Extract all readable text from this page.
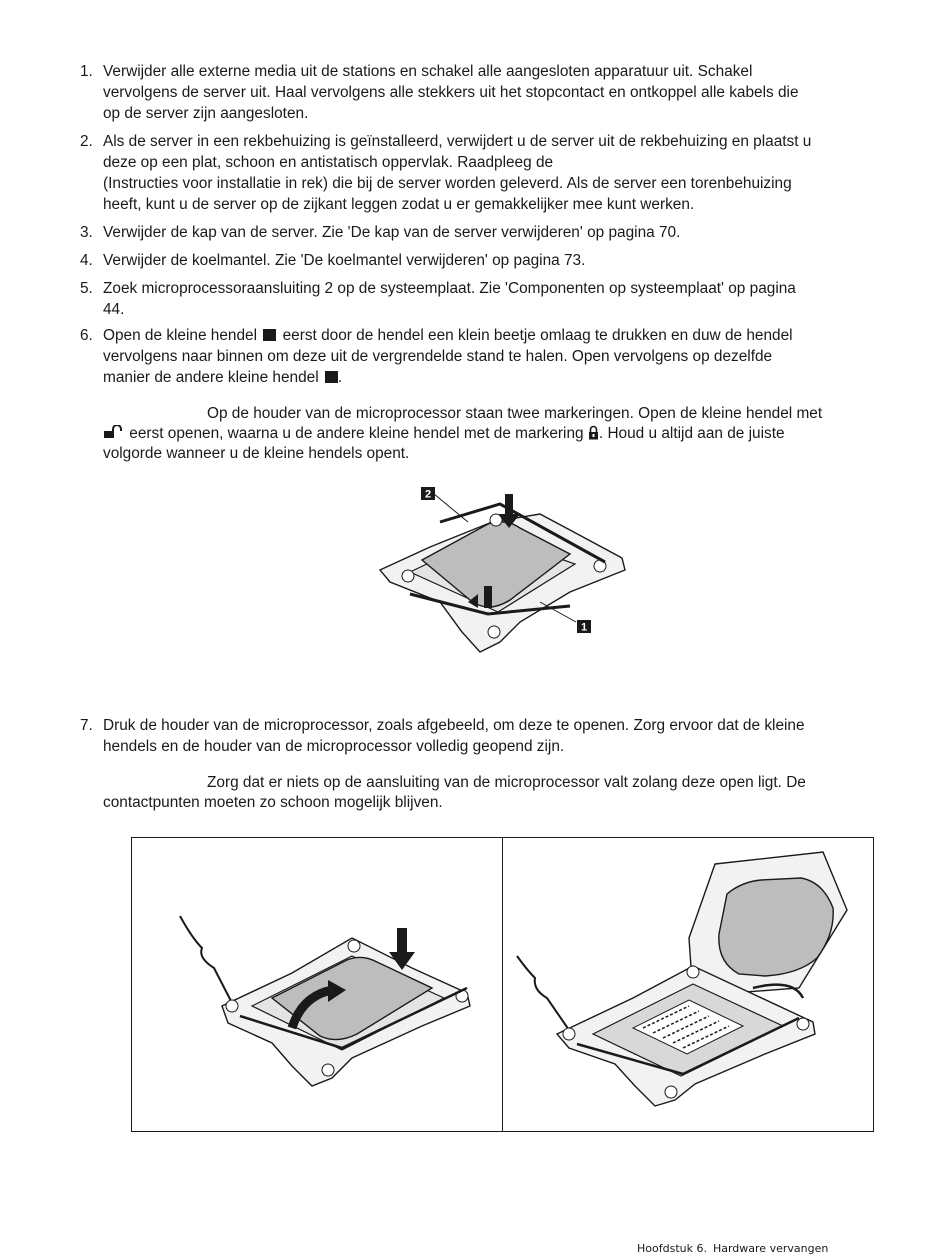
1. Verwijder alle externe media uit de stations en schakel alle aangesloten apparatuur uit. Schakel

vervolgens de server uit. Haal vervolgens alle stekkers uit het stopcontact en ontkoppel alle kabels die

op de server zijn aangesloten.

2. Als de server in een rekbehuizing is geïnstalleerd, verwijdert u de server uit de rekbehuizing en plaatst u

deze op een plat, schoon en antistatisch oppervlak. Raadpleeg de

(Instructies voor installatie in rek) die bij de server worden geleverd. Als de server een torenbehuizing

heeft, kunt u de server op de zijkant leggen zodat u er gemakkelijker mee kunt werken.

3. Verwijder de kap van de server. Zie 'De kap van de server verwijderen' op pagina 70.

4. Verwijder de koelmantel. Zie 'De koelmantel verwijderen' op pagina 73.

5. Zoek microprocessoraansluiting 2 op de systeemplaat. Zie 'Componenten op systeemplaat' op pagina

44.

6. Open de kleine hendel eerst door de hendel een klein beetje omlaag te drukken en duw de hendel

vervolgens naar binnen om deze uit de vergrendelde stand te halen. Open vervolgens op dezelfde

manier de andere kleine hendel .

Op de houder van de microprocessor staan twee markeringen. Open de kleine hendel met
eerst openen, waarna u de andere kleine hendel met de markering . Houd u altijd aan de juiste
volgorde wanneer u de kleine hendels opent.
2
1
7. Druk de houder van de microprocessor, zoals afgebeeld, om deze te openen. Zorg ervoor dat de kleine

hendels en de houder van de microprocessor volledig geopend zijn.

Zorg dat er niets op de aansluiting van de microprocessor valt zolang deze open ligt. De
contactpunten moeten zo schoon mogelijk blijven.
Hoofdstuk 6. Hardware vervangen
